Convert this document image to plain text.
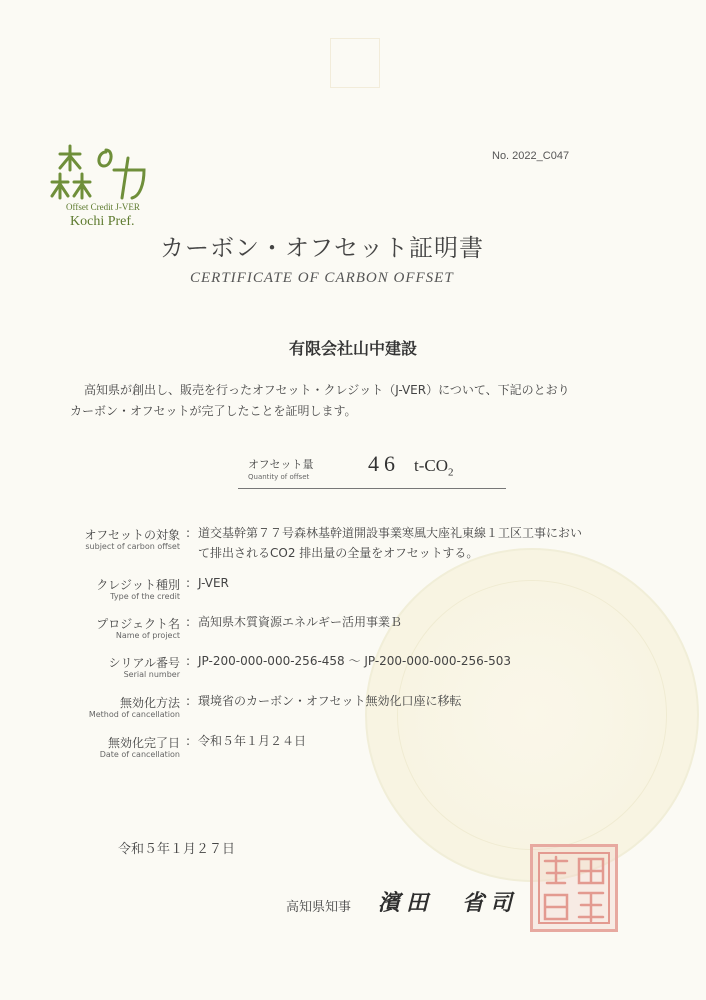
Offset Credit J-VER
Kochi Pref.
No. 2022_C047
カーボン・オフセット証明書
CERTIFICATE OF CARBON OFFSET
有限会社山中建設
高知県が創出し、販売を行ったオフセット・クレジット（J-VER）について、下記のとおり
カーボン・オフセットが完了したことを証明します。
オフセット量
Quantity of offset
46 $t-CO_2$
オフセットの対象
subject of carbon offset
: 道交基幹第７７号森林基幹道開設事業寒風大座礼東線１工区工事におい
て排出されるCO2 排出量の全量をオフセットする。
クレジット種別
Type of the credit
: J-VER
プロジェクト名
Name of project
: 高知県木質資源エネルギー活用事業Ｂ
シリアル番号
Serial number
: JP-200-000-000-256-458 ～ JP-200-000-000-256-503
無効化方法
Method of cancellation
: 環境省のカーボン・オフセット無効化口座に移転
無効化完了日
Date of cancellation
: 令和５年１月２４日
令和５年１月２７日
高知県知事 濱田　省司
